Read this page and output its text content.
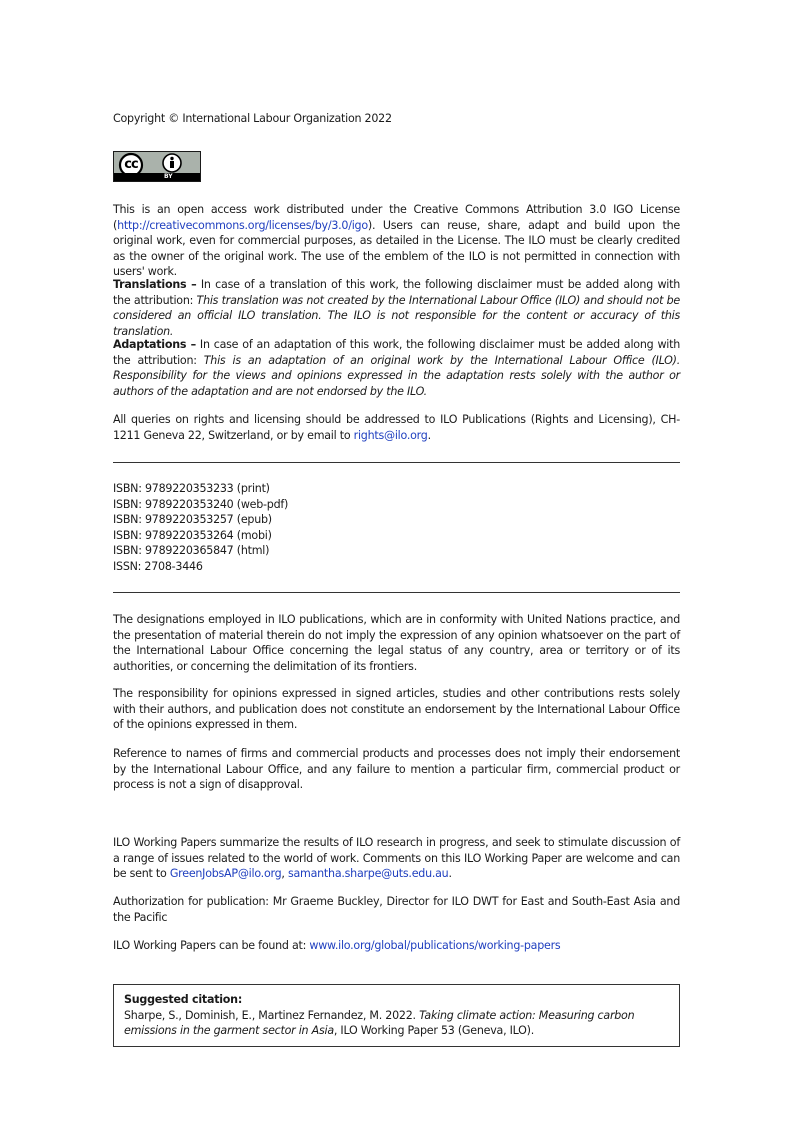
Copyright © International Labour Organization 2022

cc
BY

This is an open access work distributed under the Creative Commons Attribution 3.0 IGO License (http://creativecommons.org/licenses/by/3.0/igo). Users can reuse, share, adapt and build upon the original work, even for commercial purposes, as detailed in the License. The ILO must be clearly credited as the owner of the original work. The use of the emblem of the ILO is not permitted in connection with users' work.

Translations – In case of a translation of this work, the following disclaimer must be added along with the attribution: This translation was not created by the International Labour Office (ILO) and should not be considered an official ILO translation. The ILO is not responsible for the content or accuracy of this translation.

Adaptations – In case of an adaptation of this work, the following disclaimer must be added along with the attribution: This is an adaptation of an original work by the International Labour Office (ILO). Responsibility for the views and opinions expressed in the adaptation rests solely with the author or authors of the adaptation and are not endorsed by the ILO.

All queries on rights and licensing should be addressed to ILO Publications (Rights and Licensing), CH-1211 Geneva 22, Switzerland, or by email to rights@ilo.org.

ISBN: 9789220353233 (print)
ISBN: 9789220353240 (web-pdf)
ISBN: 9789220353257 (epub)
ISBN: 9789220353264 (mobi)
ISBN: 9789220365847 (html)
ISSN: 2708-3446

The designations employed in ILO publications, which are in conformity with United Nations practice, and the presentation of material therein do not imply the expression of any opinion whatsoever on the part of the International Labour Office concerning the legal status of any country, area or territory or of its authorities, or concerning the delimitation of its frontiers.

The responsibility for opinions expressed in signed articles, studies and other contributions rests solely with their authors, and publication does not constitute an endorsement by the International Labour Office of the opinions expressed in them.

Reference to names of firms and commercial products and processes does not imply their endorsement by the International Labour Office, and any failure to mention a particular firm, commercial product or process is not a sign of disapproval.

ILO Working Papers summarize the results of ILO research in progress, and seek to stimulate discussion of a range of issues related to the world of work. Comments on this ILO Working Paper are welcome and can be sent to GreenJobsAP@ilo.org, samantha.sharpe@uts.edu.au.

Authorization for publication: Mr Graeme Buckley, Director for ILO DWT for East and South-East Asia and the Pacific

ILO Working Papers can be found at: www.ilo.org/global/publications/working-papers

Suggested citation:

Sharpe, S., Dominish, E., Martinez Fernandez, M. 2022. Taking climate action: Measuring carbon emissions in the garment sector in Asia, ILO Working Paper 53 (Geneva, ILO).
